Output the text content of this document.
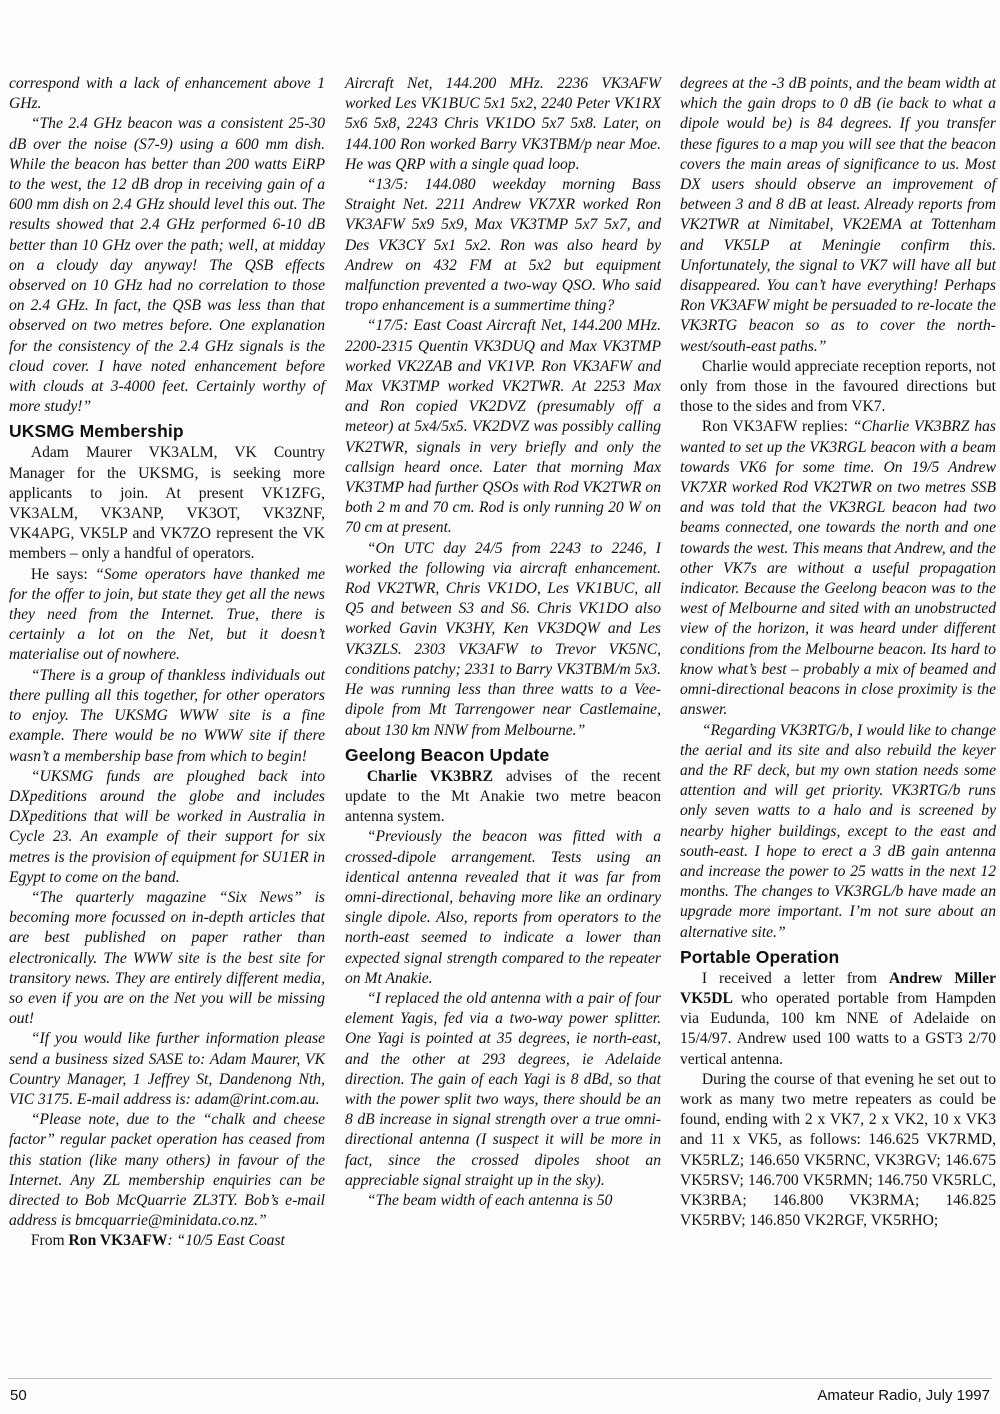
correspond with a lack of enhancement above 1 GHz.

“The 2.4 GHz beacon was a consistent 25-30 dB over the noise (S7-9) using a 600 mm dish. While the beacon has better than 200 watts EiRP to the west, the 12 dB drop in receiving gain of a 600 mm dish on 2.4 GHz should level this out. The results showed that 2.4 GHz performed 6-10 dB better than 10 GHz over the path; well, at midday on a cloudy day anyway! The QSB effects observed on 10 GHz had no correlation to those on 2.4 GHz. In fact, the QSB was less than that observed on two metres before. One explanation for the consistency of the 2.4 GHz signals is the cloud cover. I have noted enhancement before with clouds at 3-4000 feet. Certainly worthy of more study!”

UKSMG Membership

Adam Maurer VK3ALM, VK Country Manager for the UKSMG, is seeking more applicants to join. At present VK1ZFG, VK3ALM, VK3ANP, VK3OT, VK3ZNF, VK4APG, VK5LP and VK7ZO represent the VK members – only a handful of operators.

He says: “Some operators have thanked me for the offer to join, but state they get all the news they need from the Internet. True, there is certainly a lot on the Net, but it doesn’t materialise out of nowhere.

“There is a group of thankless individuals out there pulling all this together, for other operators to enjoy. The UKSMG WWW site is a fine example. There would be no WWW site if there wasn’t a membership base from which to begin!

“UKSMG funds are ploughed back into DXpeditions around the globe and includes DXpeditions that will be worked in Australia in Cycle 23. An example of their support for six metres is the provision of equipment for SU1ER in Egypt to come on the band.

“The quarterly magazine “Six News” is becoming more focussed on in-depth articles that are best published on paper rather than electronically. The WWW site is the best site for transitory news. They are entirely different media, so even if you are on the Net you will be missing out!

“If you would like further information please send a business sized SASE to: Adam Maurer, VK Country Manager, 1 Jeffrey St, Dandenong Nth, VIC 3175. E-mail address is: adam@rint.com.au.

“Please note, due to the “chalk and cheese factor” regular packet operation has ceased from this station (like many others) in favour of the Internet. Any ZL membership enquiries can be directed to Bob McQuarrie ZL3TY. Bob’s e-mail address is bmcquarrie@minidata.co.nz.”

From Ron VK3AFW: “10/5 East Coast

Aircraft Net, 144.200 MHz. 2236 VK3AFW worked Les VK1BUC 5x1 5x2, 2240 Peter VK1RX 5x6 5x8, 2243 Chris VK1DO 5x7 5x8. Later, on 144.100 Ron worked Barry VK3TBM/p near Moe. He was QRP with a single quad loop.

“13/5: 144.080 weekday morning Bass Straight Net. 2211 Andrew VK7XR worked Ron VK3AFW 5x9 5x9, Max VK3TMP 5x7 5x7, and Des VK3CY 5x1 5x2. Ron was also heard by Andrew on 432 FM at 5x2 but equipment malfunction prevented a two-way QSO. Who said tropo enhancement is a summertime thing?

“17/5: East Coast Aircraft Net, 144.200 MHz. 2200-2315 Quentin VK3DUQ and Max VK3TMP worked VK2ZAB and VK1VP. Ron VK3AFW and Max VK3TMP worked VK2TWR. At 2253 Max and Ron copied VK2DVZ (presumably off a meteor) at 5x4/5x5. VK2DVZ was possibly calling VK2TWR, signals in very briefly and only the callsign heard once. Later that morning Max VK3TMP had further QSOs with Rod VK2TWR on both 2 m and 70 cm. Rod is only running 20 W on 70 cm at present.

“On UTC day 24/5 from 2243 to 2246, I worked the following via aircraft enhancement. Rod VK2TWR, Chris VK1DO, Les VK1BUC, all Q5 and between S3 and S6. Chris VK1DO also worked Gavin VK3HY, Ken VK3DQW and Les VK3ZLS. 2303 VK3AFW to Trevor VK5NC, conditions patchy; 2331 to Barry VK3TBM/m 5x3. He was running less than three watts to a Vee-dipole from Mt Tarrengower near Castlemaine, about 130 km NNW from Melbourne.”

Geelong Beacon Update

Charlie VK3BRZ advises of the recent update to the Mt Anakie two metre beacon antenna system.

“Previously the beacon was fitted with a crossed-dipole arrangement. Tests using an identical antenna revealed that it was far from omni-directional, behaving more like an ordinary single dipole. Also, reports from operators to the north-east seemed to indicate a lower than expected signal strength compared to the repeater on Mt Anakie.

“I replaced the old antenna with a pair of four element Yagis, fed via a two-way power splitter. One Yagi is pointed at 35 degrees, ie north-east, and the other at 293 degrees, ie Adelaide direction. The gain of each Yagi is 8 dBd, so that with the power split two ways, there should be an 8 dB increase in signal strength over a true omni-directional antenna (I suspect it will be more in fact, since the crossed dipoles shoot an appreciable signal straight up in the sky).

“The beam width of each antenna is 50

degrees at the -3 dB points, and the beam width at which the gain drops to 0 dB (ie back to what a dipole would be) is 84 degrees. If you transfer these figures to a map you will see that the beacon covers the main areas of significance to us. Most DX users should observe an improvement of between 3 and 8 dB at least. Already reports from VK2TWR at Nimitabel, VK2EMA at Tottenham and VK5LP at Meningie confirm this. Unfortunately, the signal to VK7 will have all but disappeared. You can’t have everything! Perhaps Ron VK3AFW might be persuaded to re-locate the VK3RTG beacon so as to cover the north-west/south-east paths.”

Charlie would appreciate reception reports, not only from those in the favoured directions but those to the sides and from VK7.

Ron VK3AFW replies: “Charlie VK3BRZ has wanted to set up the VK3RGL beacon with a beam towards VK6 for some time. On 19/5 Andrew VK7XR worked Rod VK2TWR on two metres SSB and was told that the VK3RGL beacon had two beams connected, one towards the north and one towards the west. This means that Andrew, and the other VK7s are without a useful propagation indicator. Because the Geelong beacon was to the west of Melbourne and sited with an unobstructed view of the horizon, it was heard under different conditions from the Melbourne beacon. Its hard to know what’s best – probably a mix of beamed and omni-directional beacons in close proximity is the answer.

“Regarding VK3RTG/b, I would like to change the aerial and its site and also rebuild the keyer and the RF deck, but my own station needs some attention and will get priority. VK3RTG/b runs only seven watts to a halo and is screened by nearby higher buildings, except to the east and south-east. I hope to erect a 3 dB gain antenna and increase the power to 25 watts in the next 12 months. The changes to VK3RGL/b have made an upgrade more important. I’m not sure about an alternative site.”

Portable Operation

I received a letter from Andrew Miller VK5DL who operated portable from Hampden via Eudunda, 100 km NNE of Adelaide on 15/4/97. Andrew used 100 watts to a GST3 2/70 vertical antenna.

During the course of that evening he set out to work as many two metre repeaters as could be found, ending with 2 x VK7, 2 x VK2, 10 x VK3 and 11 x VK5, as follows: 146.625 VK7RMD, VK5RLZ; 146.650 VK5RNC, VK3RGV; 146.675 VK5RSV; 146.700 VK5RMN; 146.750 VK5RLC, VK3RBA; 146.800 VK3RMA; 146.825 VK5RBV; 146.850 VK2RGF, VK5RHO;

50	Amateur Radio, July 1997
